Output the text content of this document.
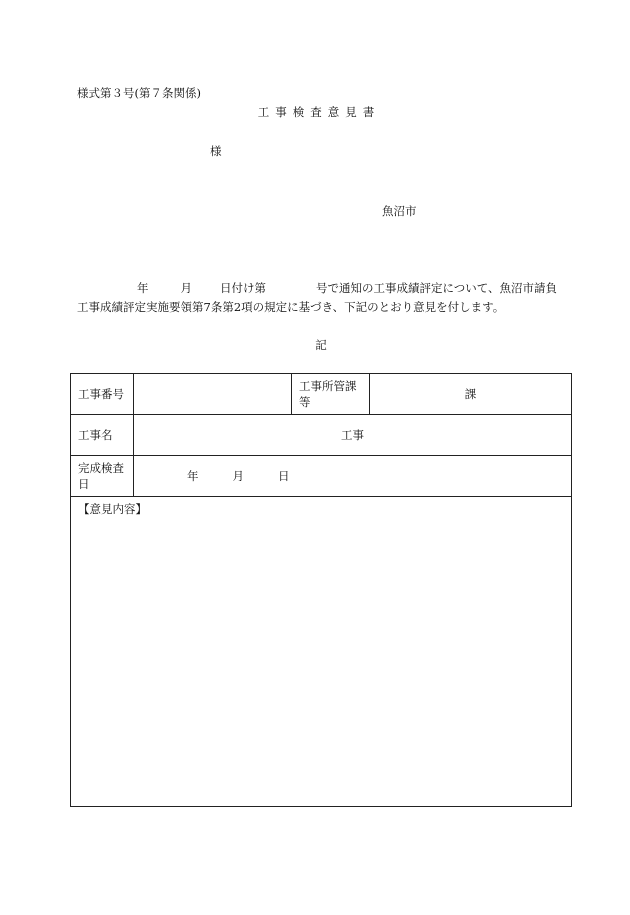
様式第３号(第７条関係)
工事検査意見書
様
魚沼市
年	月 日付け第	号で通知の工事成績評定について、魚沼市請負
工事成績評定実施要領第7条第2項の規定に基づき、下記のとおり意見を付します。
記
工事番号		工事所管課等	課
工事名	工事		
完成検査日	年 月 日		

【意見内容】			
